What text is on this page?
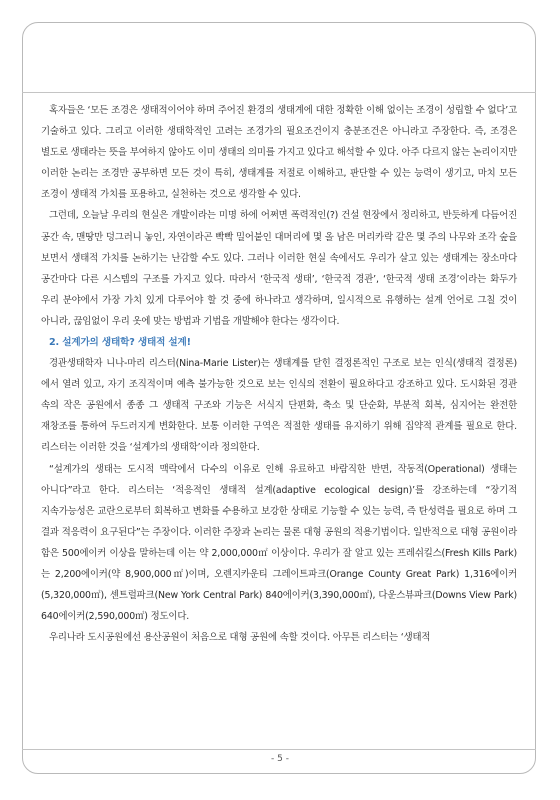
혹자들은 ‘모든 조경은 생태적이어야 하며 주어진 환경의 생태계에 대한 정확한 이해 없이는 조경이 성립할 수 없다’고 기술하고 있다. 그리고 이러한 생태학적인 고려는 조경가의 필요조건이지 충분조건은 아니라고 주장한다. 즉, 조경은 별도로 생태라는 뜻을 부여하지 않아도 이미 생태의 의미를 가지고 있다고 해석할 수 있다. 아주 다르지 않는 논리이지만 이러한 논리는 조경만 공부하면 모든 것이 특히, 생태계를 저절로 이해하고, 판단할 수 있는 능력이 생기고, 마치 모든 조경이 생태적 가치를 포용하고, 실천하는 것으로 생각할 수 있다.

그런데, 오늘날 우리의 현실은 개발이라는 미명 하에 어쩌면 폭력적인(?) 건설 현장에서 정리하고, 반듯하게 다듬어진 공간 속, 맨땅만 덩그러니 놓인, 자연이라곤 빡빡 밀어붙인 대머리에 몇 올 남은 머리카락 같은 몇 주의 나무와 조각 숲을 보면서 생태적 가치를 논하기는 난감할 수도 있다. 그러나 이러한 현실 속에서도 우리가 살고 있는 생태계는 장소마다 공간마다 다른 시스템의 구조를 가지고 있다. 따라서 ‘한국적 생태’, ‘한국적 경관’, ‘한국적 생태 조경’이라는 화두가 우리 분야에서 가장 가치 있게 다루어야 할 것 중에 하나라고 생각하며, 일시적으로 유행하는 설계 언어로 그칠 것이 아니라, 끊임없이 우리 옷에 맞는 방법과 기법을 개발해야 한다는 생각이다.

2. 설계가의 생태학? 생태적 설계!

경관생태학자 니나-마리 리스터(Nina-Marie Lister)는 생태계를 닫힌 결정론적인 구조로 보는 인식(생태적 결정론)에서 열려 있고, 자기 조직적이며 예측 불가능한 것으로 보는 인식의 전환이 필요하다고 강조하고 있다. 도시화된 경관 속의 작은 공원에서 종종 그 생태적 구조와 기능은 서식지 단편화, 축소 및 단순화, 부분적 회복, 심지어는 완전한 재창조를 통하여 두드러지게 변화한다. 보통 이러한 구역은 적절한 생태를 유지하기 위해 집약적 관계를 필요로 한다. 리스터는 이러한 것을 ‘설계가의 생태학’이라 정의한다.

“설계가의 생태는 도시적 맥락에서 다수의 이유로 인해 유료하고 바람직한 반면, 작동적(Operational) 생태는 아니다”라고 한다. 리스터는 ‘적응적인 생태적 설계(adaptive ecological design)’를 강조하는데 “장기적 지속가능성은 교란으로부터 회복하고 변화를 수용하고 보강한 상태로 기능할 수 있는 능력, 즉 탄성력을 필요로 하며 그 결과 적응력이 요구된다”는 주장이다. 이러한 주장과 논리는 물론 대형 공원의 적용기법이다. 일반적으로 대형 공원이라 함은 500에이커 이상을 말하는데 이는 약 2,000,000㎡ 이상이다. 우리가 잘 알고 있는 프레쉬킬스(Fresh Kills Park)는 2,200에이커(약 8,900,000㎡)이며, 오렌지카운티 그레이트파크(Orange County Great Park) 1,316에이커(5,320,000㎡), 센트럴파크(New York Central Park) 840에이커(3,390,000㎡), 다운스뷰파크(Downs View Park) 640에이커(2,590,000㎡) 정도이다.

우리나라 도시공원에선 용산공원이 처음으로 대형 공원에 속할 것이다. 아무튼 리스터는 ‘생태적

- 5 -
